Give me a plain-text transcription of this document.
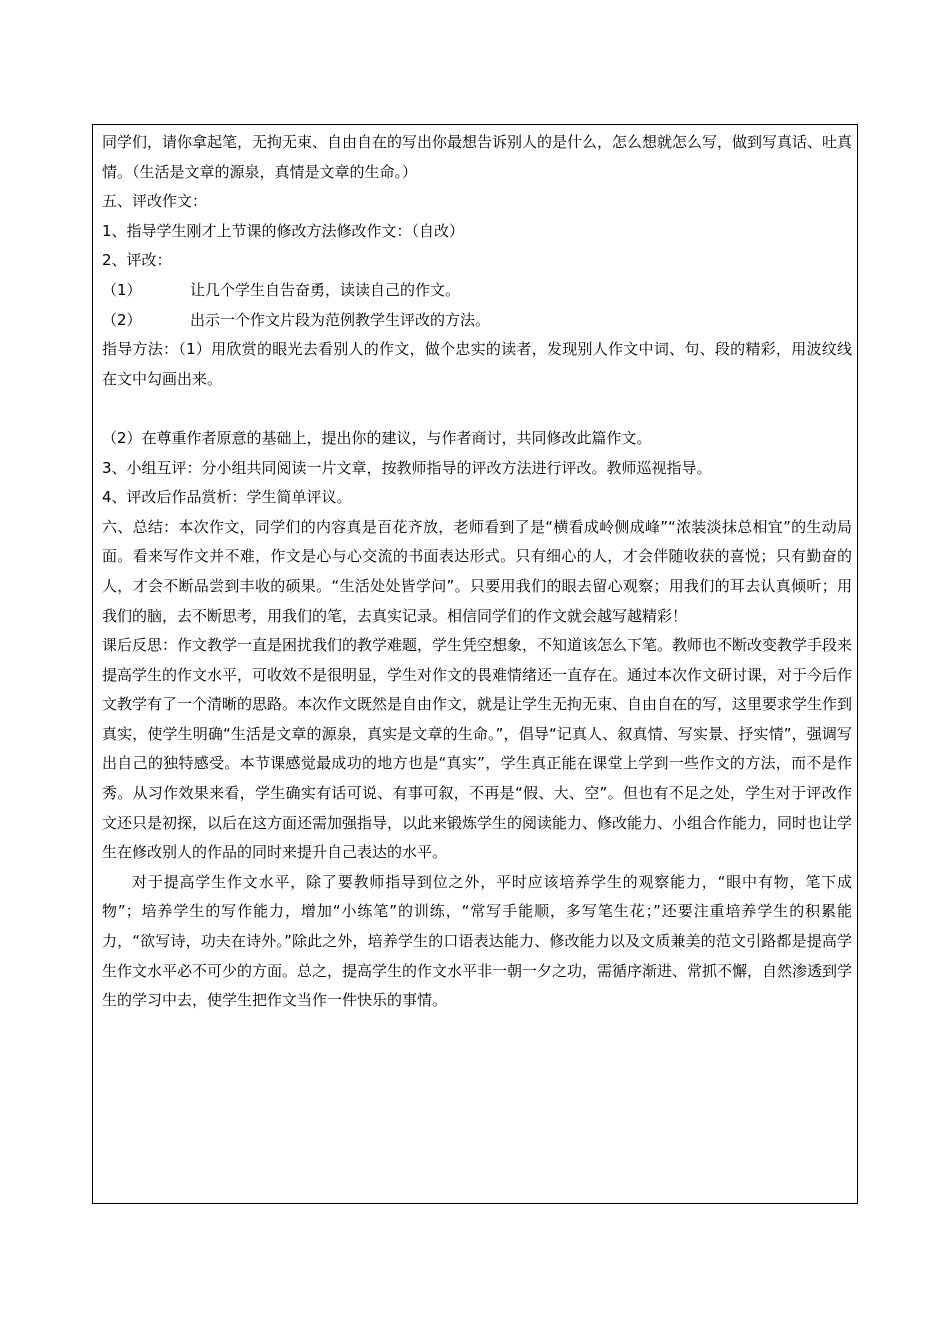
同学们，请你拿起笔，无拘无束、自由自在的写出你最想告诉别人的是什么，怎么想就怎么写，做到写真话、吐真情。（生活是文章的源泉，真情是文章的生命。）

五、评改作文：

1、指导学生刚才上节课的修改方法修改作文：（自改）

2、评改：

（1）	让几个学生自告奋勇，读读自己的作文。
（2）	出示一个作文片段为范例教学生评改的方法。

指导方法：（1）用欣赏的眼光去看别人的作文，做个忠实的读者，发现别人作文中词、句、段的精彩，用波纹线在文中勾画出来。

（2）在尊重作者原意的基础上，提出你的建议，与作者商讨，共同修改此篇作文。

3、小组互评：分小组共同阅读一片文章，按教师指导的评改方法进行评改。教师巡视指导。

4、评改后作品赏析：学生简单评议。

六、总结：本次作文，同学们的内容真是百花齐放，老师看到了是“横看成岭侧成峰”“浓装淡抹总相宜”的生动局面。看来写作文并不难，作文是心与心交流的书面表达形式。只有细心的人，才会伴随收获的喜悦；只有勤奋的人，才会不断品尝到丰收的硕果。“生活处处皆学问”。只要用我们的眼去留心观察；用我们的耳去认真倾听；用我们的脑，去不断思考，用我们的笔，去真实记录。相信同学们的作文就会越写越精彩！

课后反思：作文教学一直是困扰我们的教学难题，学生凭空想象，不知道该怎么下笔。教师也不断改变教学手段来提高学生的作文水平，可收效不是很明显，学生对作文的畏难情绪还一直存在。通过本次作文研讨课，对于今后作文教学有了一个清晰的思路。本次作文既然是自由作文，就是让学生无拘无束、自由自在的写，这里要求学生作到真实，使学生明确“生活是文章的源泉，真实是文章的生命。”，倡导“记真人、叙真情、写实景、抒实情”，强调写出自己的独特感受。本节课感觉最成功的地方也是“真实”，学生真正能在课堂上学到一些作文的方法，而不是作秀。从习作效果来看，学生确实有话可说、有事可叙，不再是“假、大、空”。但也有不足之处，学生对于评改作文还只是初探，以后在这方面还需加强指导，以此来锻炼学生的阅读能力、修改能力、小组合作能力，同时也让学生在修改别人的作品的同时来提升自己表达的水平。

对于提高学生作文水平，除了要教师指导到位之外，平时应该培养学生的观察能力，“眼中有物，笔下成物”；培养学生的写作能力，增加“小练笔”的训练，“常写手能顺，多写笔生花；”还要注重培养学生的积累能力，“欲写诗，功夫在诗外。”除此之外，培养学生的口语表达能力、修改能力以及文质兼美的范文引路都是提高学生作文水平必不可少的方面。总之，提高学生的作文水平非一朝一夕之功，需循序渐进、常抓不懈，自然渗透到学生的学习中去，使学生把作文当作一件快乐的事情。
